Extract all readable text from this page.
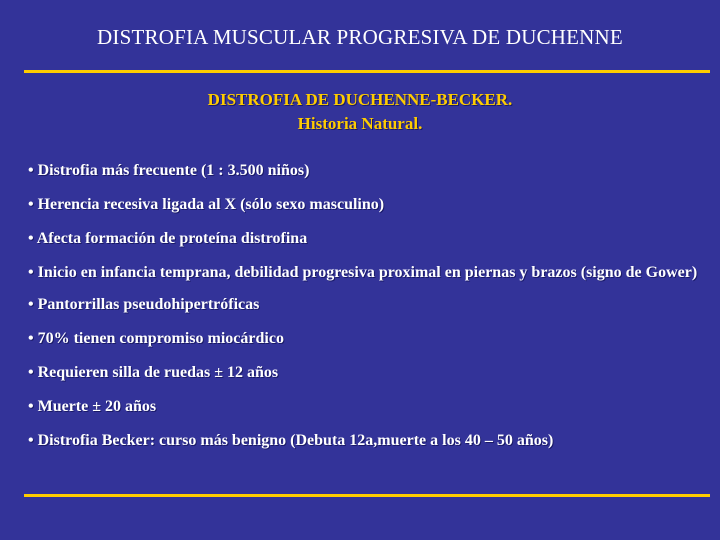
DISTROFIA MUSCULAR PROGRESIVA DE DUCHENNE
DISTROFIA DE DUCHENNE-BECKER.
Historia Natural.
• Distrofia más frecuente (1 : 3.500 niños)
• Herencia recesiva ligada al X (sólo sexo masculino)
• Afecta formación de proteína distrofina
• Inicio en infancia temprana, debilidad progresiva proximal en piernas y brazos (signo de Gower)
• Pantorrillas pseudohipertróficas
• 70% tienen compromiso miocárdico
• Requieren silla de ruedas ± 12 años
• Muerte ± 20 años
• Distrofia Becker: curso más benigno (Debuta 12a,muerte a los 40 – 50 años)
